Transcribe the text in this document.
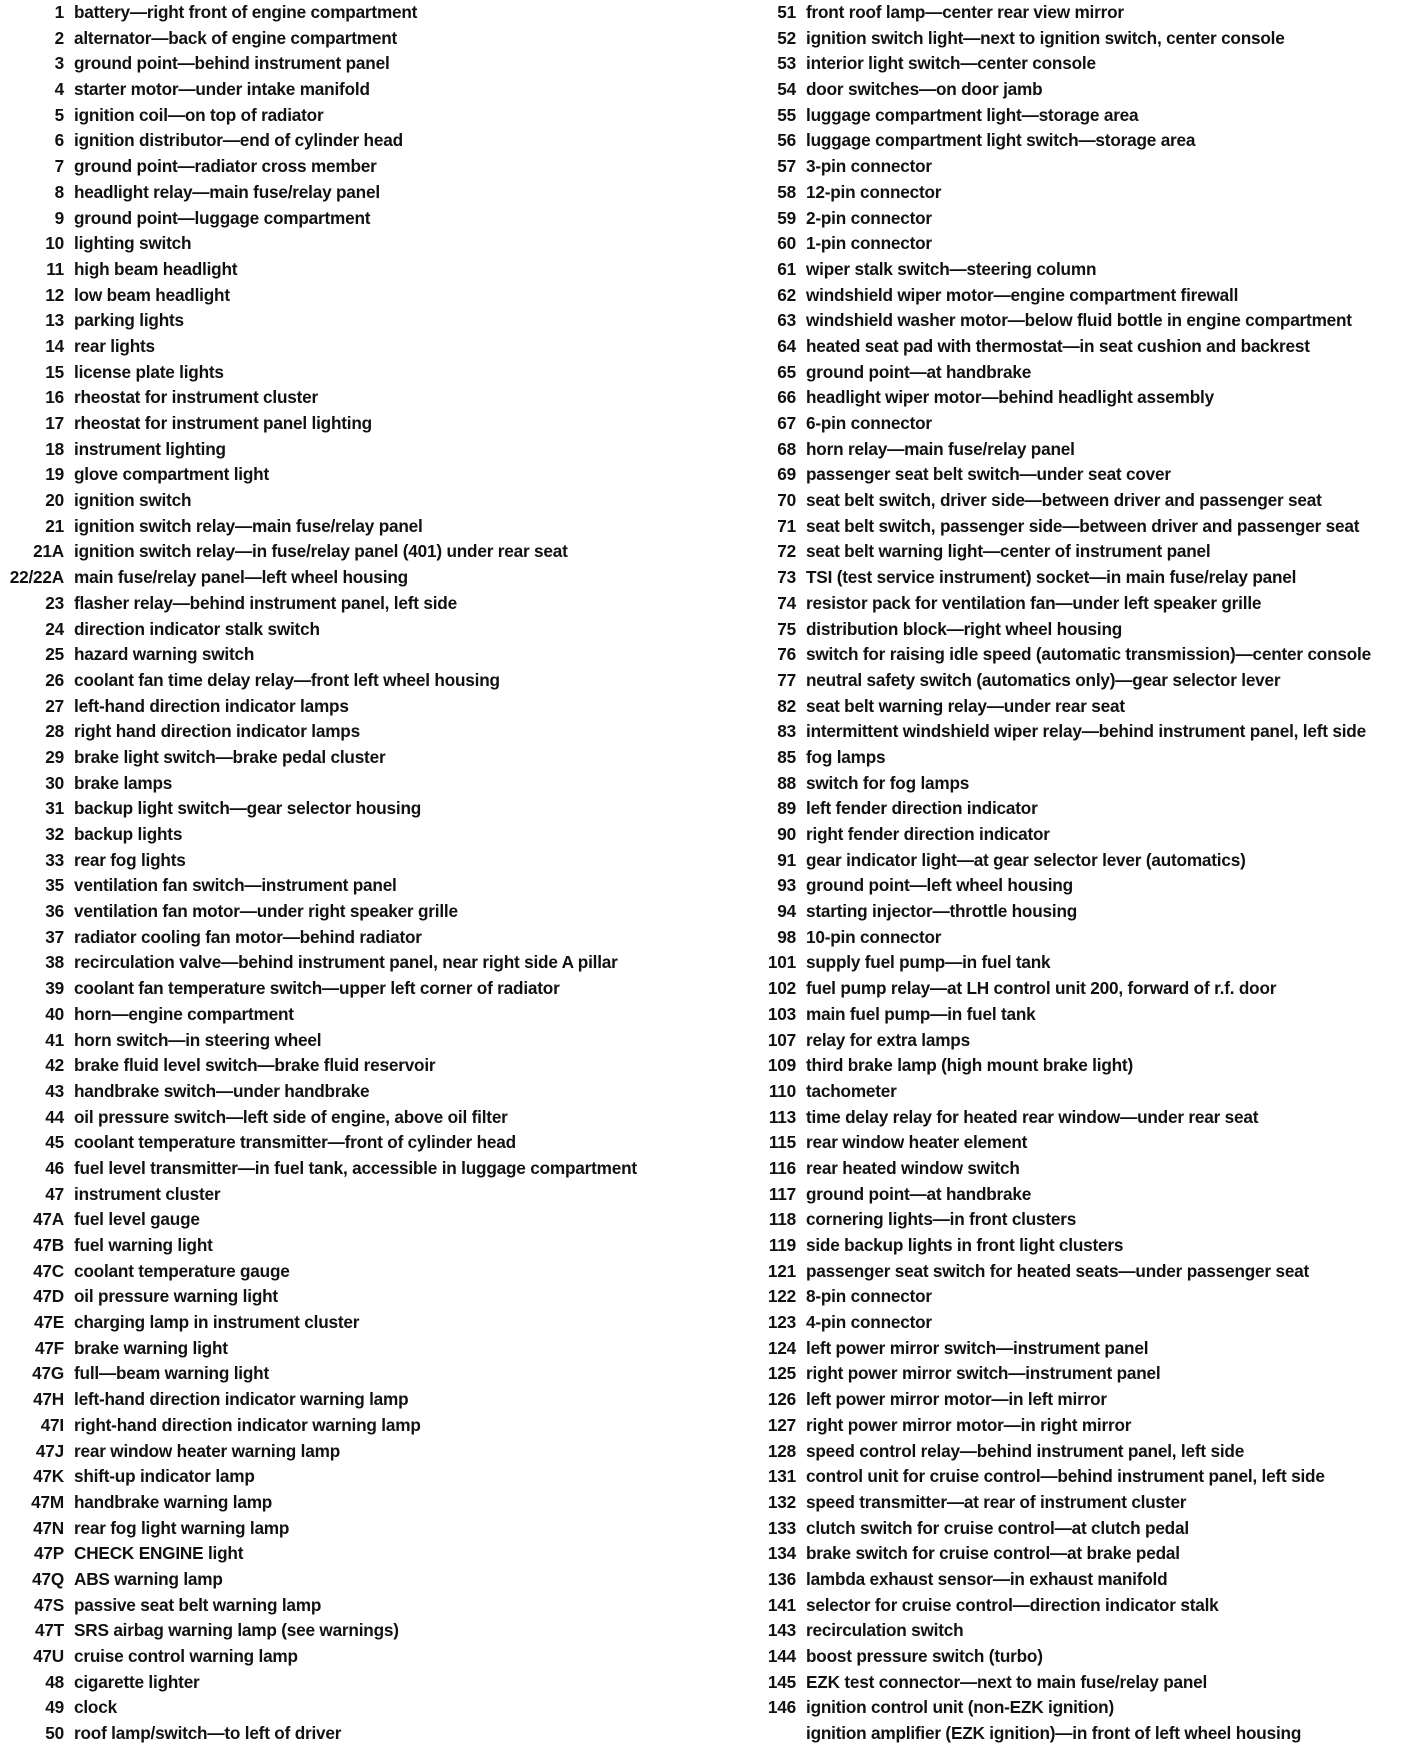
1 battery—right front of engine compartment
2 alternator—back of engine compartment
3 ground point—behind instrument panel
4 starter motor—under intake manifold
5 ignition coil—on top of radiator
6 ignition distributor—end of cylinder head
7 ground point—radiator cross member
8 headlight relay—main fuse/relay panel
9 ground point—luggage compartment
10 lighting switch
11 high beam headlight
12 low beam headlight
13 parking lights
14 rear lights
15 license plate lights
16 rheostat for instrument cluster
17 rheostat for instrument panel lighting
18 instrument lighting
19 glove compartment light
20 ignition switch
21 ignition switch relay—main fuse/relay panel
21A ignition switch relay—in fuse/relay panel (401) under rear seat
22/22A main fuse/relay panel—left wheel housing
23 flasher relay—behind instrument panel, left side
24 direction indicator stalk switch
25 hazard warning switch
26 coolant fan time delay relay—front left wheel housing
27 left-hand direction indicator lamps
28 right hand direction indicator lamps
29 brake light switch—brake pedal cluster
30 brake lamps
31 backup light switch—gear selector housing
32 backup lights
33 rear fog lights
35 ventilation fan switch—instrument panel
36 ventilation fan motor—under right speaker grille
37 radiator cooling fan motor—behind radiator
38 recirculation valve—behind instrument panel, near right side A pillar
39 coolant fan temperature switch—upper left corner of radiator
40 horn—engine compartment
41 horn switch—in steering wheel
42 brake fluid level switch—brake fluid reservoir
43 handbrake switch—under handbrake
44 oil pressure switch—left side of engine, above oil filter
45 coolant temperature transmitter—front of cylinder head
46 fuel level transmitter—in fuel tank, accessible in luggage compartment
47 instrument cluster
47A fuel level gauge
47B fuel warning light
47C coolant temperature gauge
47D oil pressure warning light
47E charging lamp in instrument cluster
47F brake warning light
47G full—beam warning light
47H left-hand direction indicator warning lamp
47I right-hand direction indicator warning lamp
47J rear window heater warning lamp
47K shift-up indicator lamp
47M handbrake warning lamp
47N rear fog light warning lamp
47P CHECK ENGINE light
47Q ABS warning lamp
47S passive seat belt warning lamp
47T SRS airbag warning lamp (see warnings)
47U cruise control warning lamp
48 cigarette lighter
49 clock
50 roof lamp/switch—to left of driver
51 front roof lamp—center rear view mirror
52 ignition switch light—next to ignition switch, center console
53 interior light switch—center console
54 door switches—on door jamb
55 luggage compartment light—storage area
56 luggage compartment light switch—storage area
57 3-pin connector
58 12-pin connector
59 2-pin connector
60 1-pin connector
61 wiper stalk switch—steering column
62 windshield wiper motor—engine compartment firewall
63 windshield washer motor—below fluid bottle in engine compartment
64 heated seat pad with thermostat—in seat cushion and backrest
65 ground point—at handbrake
66 headlight wiper motor—behind headlight assembly
67 6-pin connector
68 horn relay—main fuse/relay panel
69 passenger seat belt switch—under seat cover
70 seat belt switch, driver side—between driver and passenger seat
71 seat belt switch, passenger side—between driver and passenger seat
72 seat belt warning light—center of instrument panel
73 TSI (test service instrument) socket—in main fuse/relay panel
74 resistor pack for ventilation fan—under left speaker grille
75 distribution block—right wheel housing
76 switch for raising idle speed (automatic transmission)—center console
77 neutral safety switch (automatics only)—gear selector lever
82 seat belt warning relay—under rear seat
83 intermittent windshield wiper relay—behind instrument panel, left side
85 fog lamps
88 switch for fog lamps
89 left fender direction indicator
90 right fender direction indicator
91 gear indicator light—at gear selector lever (automatics)
93 ground point—left wheel housing
94 starting injector—throttle housing
98 10-pin connector
101 supply fuel pump—in fuel tank
102 fuel pump relay—at LH control unit 200, forward of r.f. door
103 main fuel pump—in fuel tank
107 relay for extra lamps
109 third brake lamp (high mount brake light)
110 tachometer
113 time delay relay for heated rear window—under rear seat
115 rear window heater element
116 rear heated window switch
117 ground point—at handbrake
118 cornering lights—in front clusters
119 side backup lights in front light clusters
121 passenger seat switch for heated seats—under passenger seat
122 8-pin connector
123 4-pin connector
124 left power mirror switch—instrument panel
125 right power mirror switch—instrument panel
126 left power mirror motor—in left mirror
127 right power mirror motor—in right mirror
128 speed control relay—behind instrument panel, left side
131 control unit for cruise control—behind instrument panel, left side
132 speed transmitter—at rear of instrument cluster
133 clutch switch for cruise control—at clutch pedal
134 brake switch for cruise control—at brake pedal
136 lambda exhaust sensor—in exhaust manifold
141 selector for cruise control—direction indicator stalk
143 recirculation switch
144 boost pressure switch (turbo)
145 EZK test connector—next to main fuse/relay panel
146 ignition control unit (non-EZK ignition)
ignition amplifier (EZK ignition)—in front of left wheel housing
